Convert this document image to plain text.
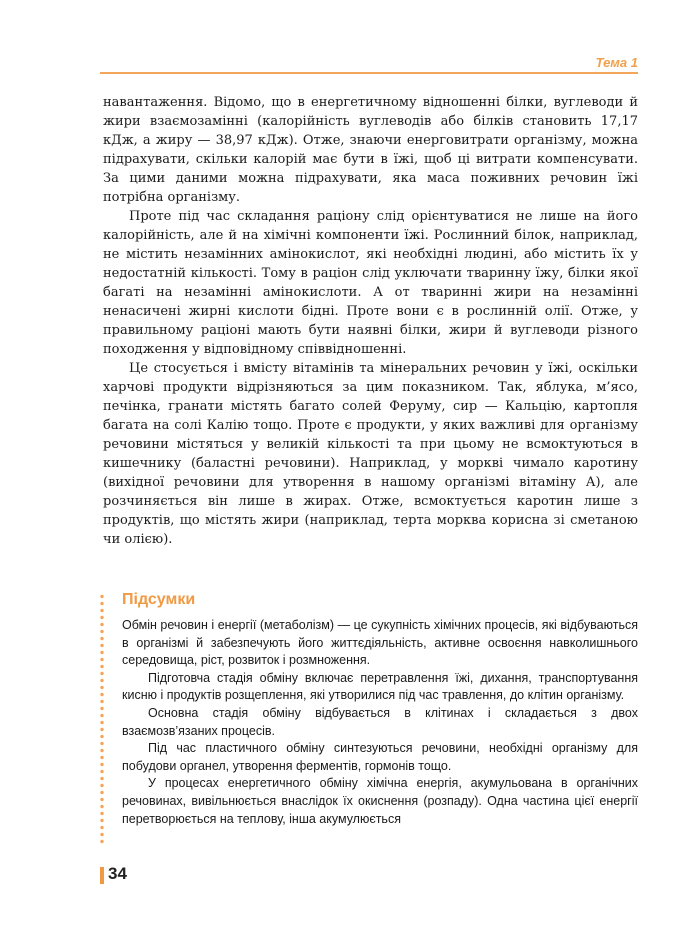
Тема 1

навантаження. Відомо, що в енергетичному відношенні білки, вуглеводи й жири взаємозамінні (калорійність вуглеводів або білків становить 17,17 кДж, а жиру — 38,97 кДж). Отже, знаючи енерговитрати організму, можна підрахувати, скільки калорій має бути в їжі, щоб ці витрати компенсувати. За цими даними можна підрахувати, яка маса поживних речовин їжі потрібна організму.

Проте під час складання раціону слід орієнтуватися не лише на його калорійність, але й на хімічні компоненти їжі. Рослинний білок, наприклад, не містить незамінних амінокислот, які необхідні людині, або містить їх у недостатній кількості. Тому в раціон слід уключати тваринну їжу, білки якої багаті на незамінні амінокислоти. А от тваринні жири на незамінні ненасичені жирні кислоти бідні. Проте вони є в рослинній олії. Отже, у правильному раціоні мають бути наявні білки, жири й вуглеводи різного походження у відповідному співвідношенні.

Це стосується і вмісту вітамінів та мінеральних речовин у їжі, оскільки харчові продукти відрізняються за цим показником. Так, яблука, м’ясо, печінка, гранати містять багато солей Феруму, сир — Кальцію, картопля багата на солі Калію тощо. Проте є продукти, у яких важливі для організму речовини містяться у великій кількості та при цьому не всмоктуються в кишечнику (баластні речовини). Наприклад, у моркві чимало каротину (вихідної речовини для утворення в нашому організмі вітаміну А), але розчиняється він лише в жирах. Отже, всмоктується каротин лише з продуктів, що містять жири (наприклад, терта морква корисна зі сметаною чи олією).

Підсумки

Обмін речовин і енергії (метаболізм) — це сукупність хімічних процесів, які відбуваються в організмі й забезпечують його життєдіяльність, активне освоєння навколишнього середовища, ріст, розвиток і розмноження.

Підготовча стадія обміну включає перетравлення їжі, дихання, транспортування кисню і продуктів розщеплення, які утворилися під час травлення, до клітин організму.

Основна стадія обміну відбувається в клітинах і складається з двох взаємозв’язаних процесів.

Під час пластичного обміну синтезуються речовини, необхідні організму для побудови органел, утворення ферментів, гормонів тощо.

У процесах енергетичного обміну хімічна енергія, акумульована в органічних речовинах, вивільнюється внаслідок їх окиснення (розпаду). Одна частина цієї енергії перетворюється на теплову, інша акумулюється

34
